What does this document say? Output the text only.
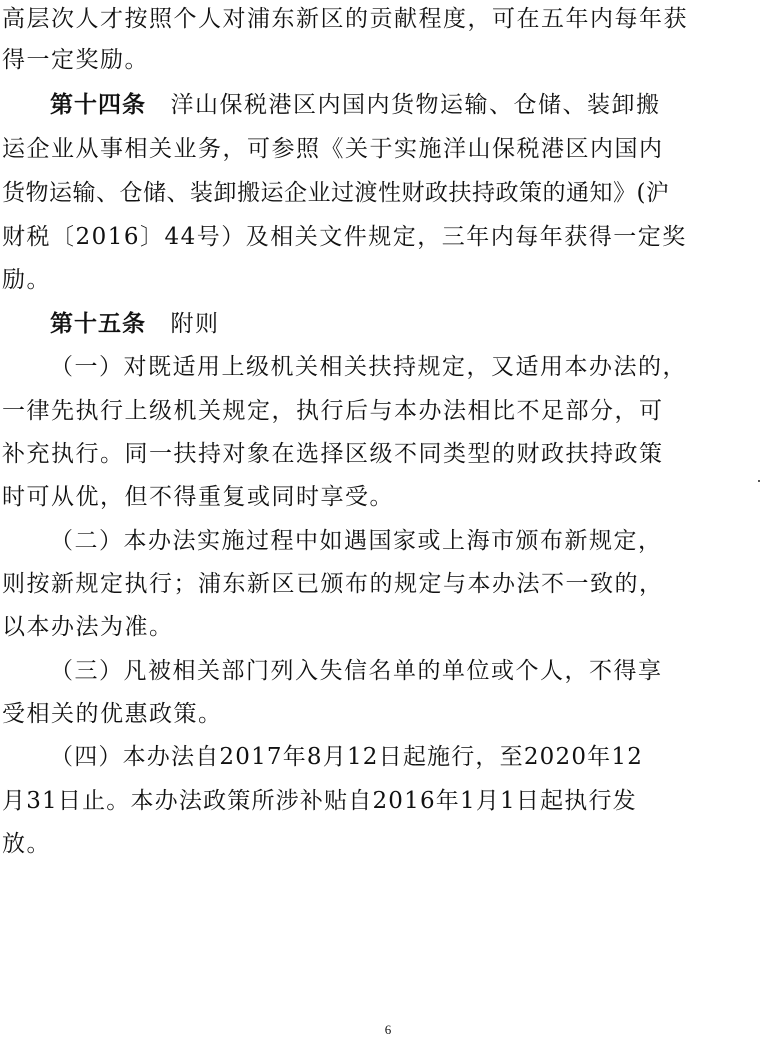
高层次人才按照个人对浦东新区的贡献程度，可在五年内每年获
得一定奖励。
第十四条　洋山保税港区内国内货物运输、仓储、装卸搬
运企业从事相关业务，可参照《关于实施洋山保税港区内国内
货物运输、仓储、装卸搬运企业过渡性财政扶持政策的通知》(沪
财税〔2016〕44号）及相关文件规定，三年内每年获得一定奖
励。
第十五条　附则
（一）对既适用上级机关相关扶持规定，又适用本办法的，
一律先执行上级机关规定，执行后与本办法相比不足部分，可
补充执行。同一扶持对象在选择区级不同类型的财政扶持政策
时可从优，但不得重复或同时享受。
（二）本办法实施过程中如遇国家或上海市颁布新规定，
则按新规定执行；浦东新区已颁布的规定与本办法不一致的，
以本办法为准。
（三）凡被相关部门列入失信名单的单位或个人，不得享
受相关的优惠政策。
（四）本办法自2017年8月12日起施行，至2020年12
月31日止。本办法政策所涉补贴自2016年1月1日起执行发
放。
6
